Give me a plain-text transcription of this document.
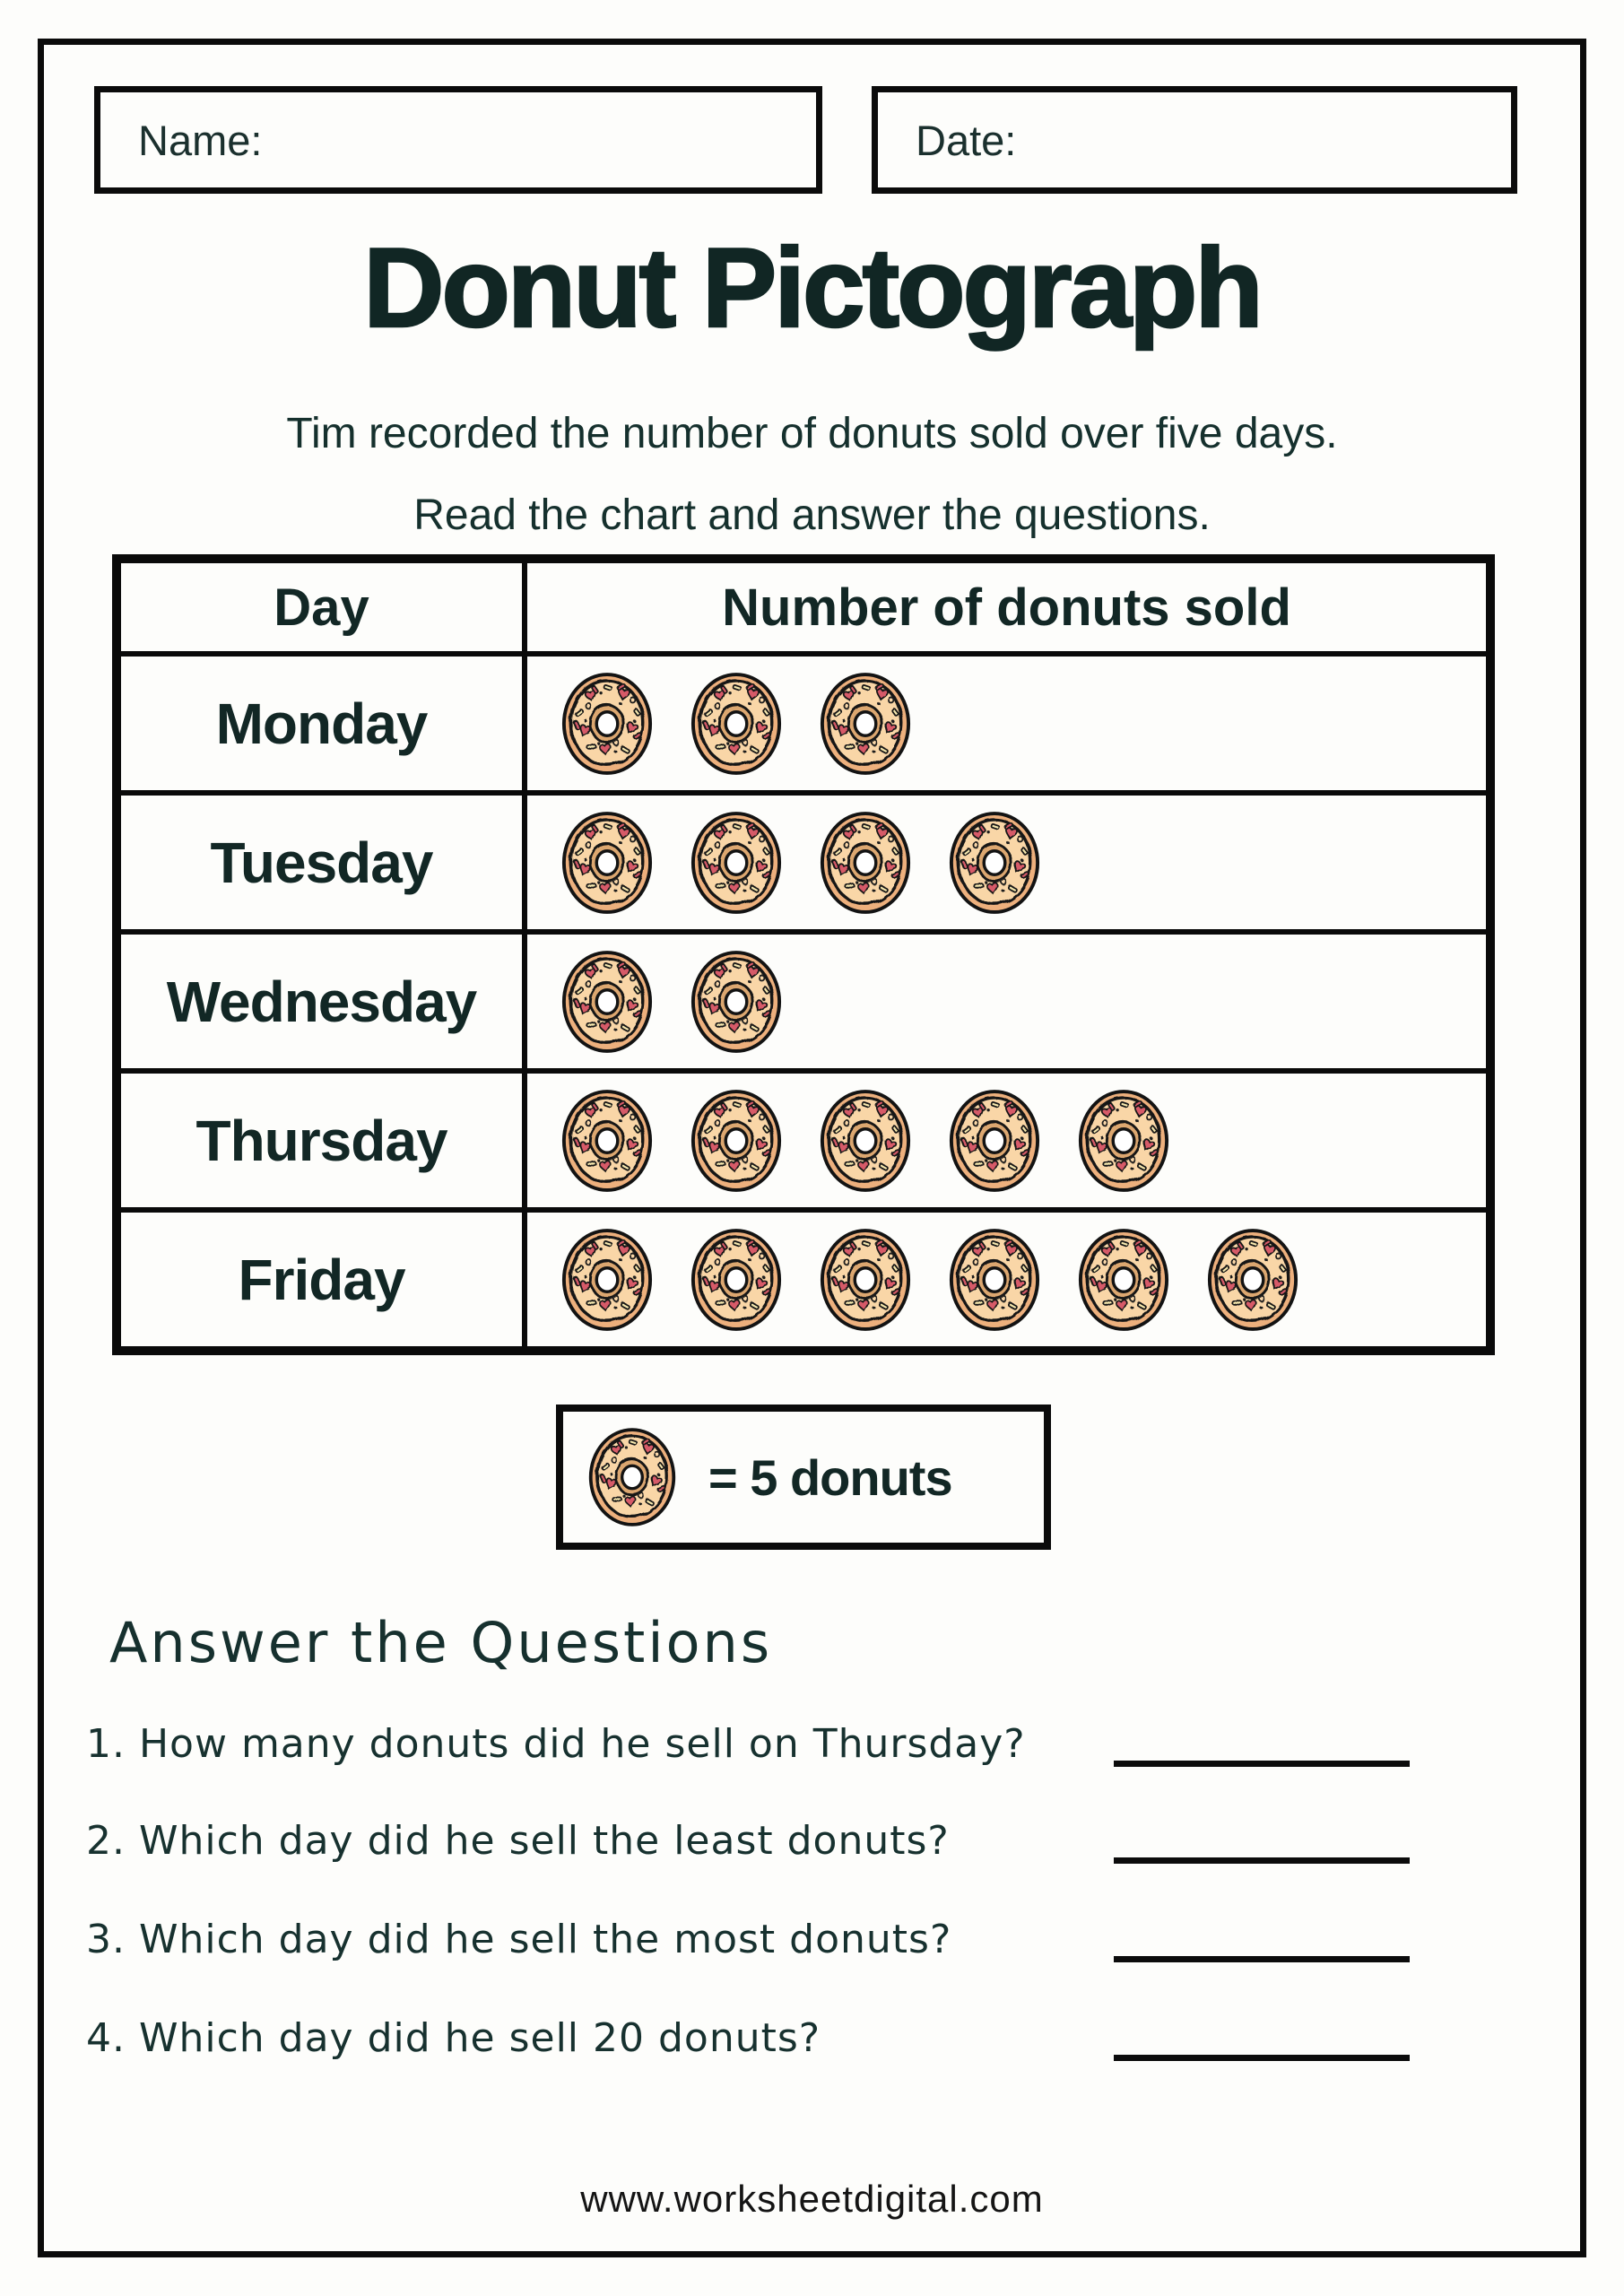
Name:	Date:
Donut Pictograph
Tim recorded the number of donuts sold over five days.
Read the chart and answer the questions.
Day	Number of donuts sold
Monday
Tuesday
Wednesday
Thursday
Friday
= 5 donuts
Answer the Questions
1. How many donuts did he sell on Thursday?
2. Which day did he sell the least donuts?
3. Which day did he sell the most donuts?
4. Which day did he sell 20 donuts?
www.worksheetdigital.com
